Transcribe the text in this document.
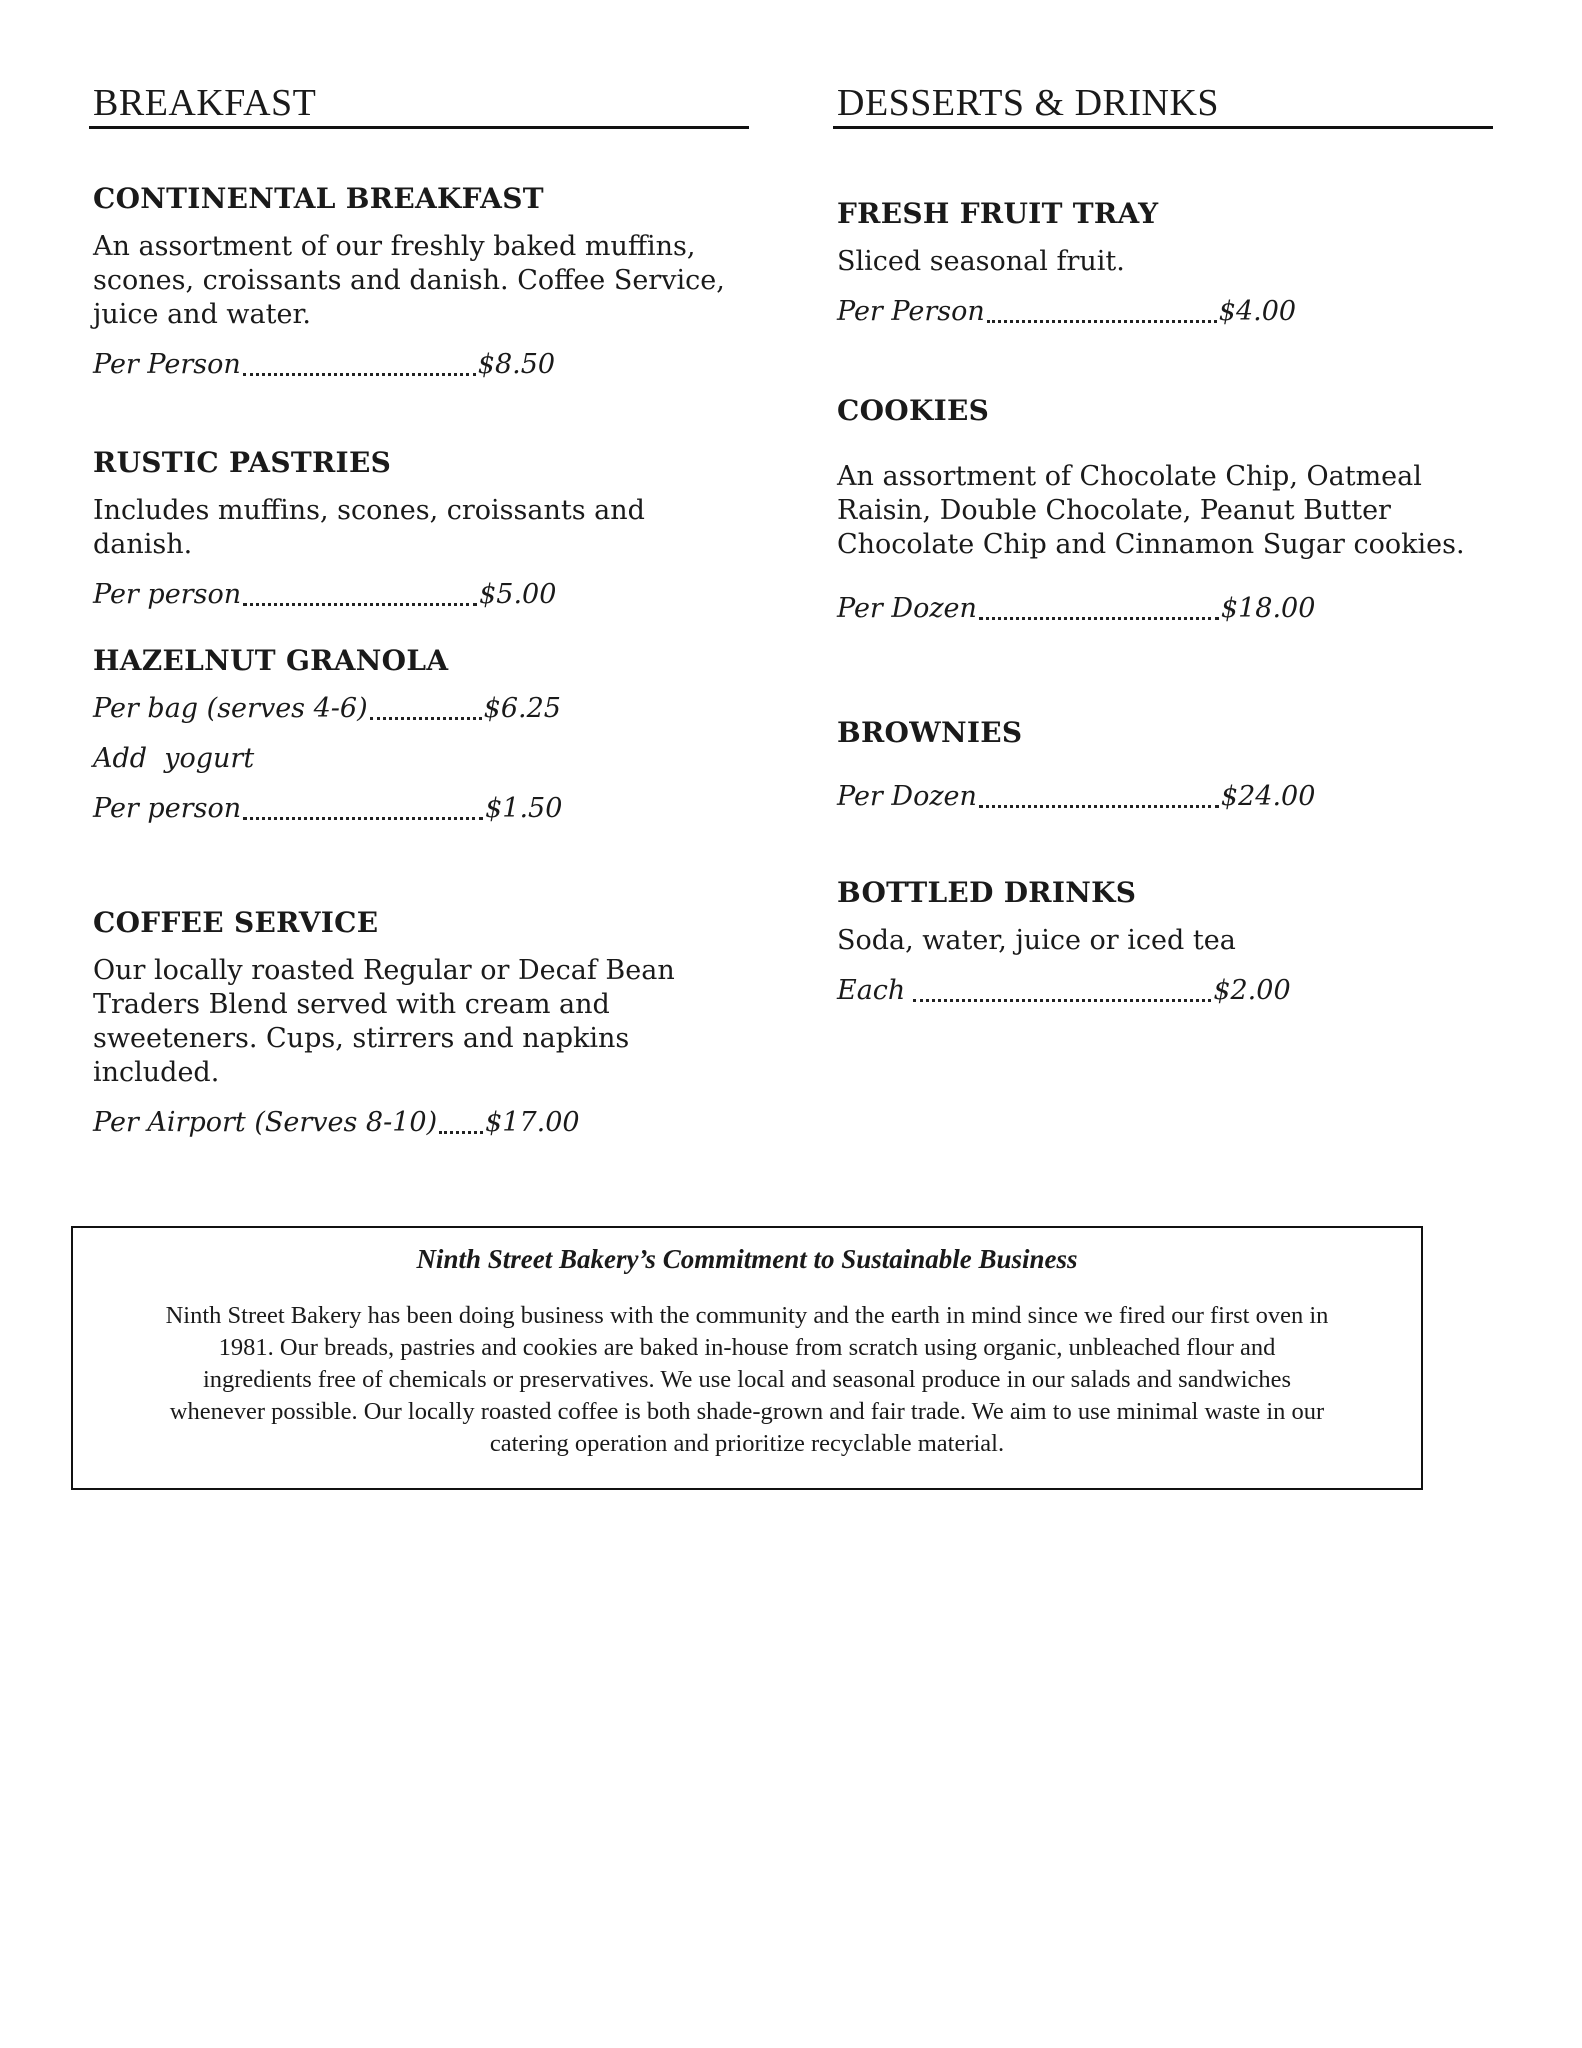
BREAKFAST

CONTINENTAL BREAKFAST

An assortment of our freshly baked muffins,

scones, croissants and danish. Coffee Service,

juice and water.

Per Person	$8.50

RUSTIC PASTRIES

Includes muffins, scones, croissants and danish.

Per person	$5.00

HAZELNUT GRANOLA

Per bag (serves 4-6)	$6.25
Add  yogurt
Per person	$1.50

COFFEE SERVICE

Our locally roasted Regular or Decaf Bean

Traders Blend served with cream and

sweeteners. Cups, stirrers and napkins included.

Per Airport (Serves 8-10) $17.00
DESSERTS & DRINKS

FRESH FRUIT TRAY

Sliced seasonal fruit.

Per Person	$4.00

COOKIES

An assortment of Chocolate Chip, Oatmeal

Raisin, Double Chocolate, Peanut Butter

Chocolate Chip and Cinnamon Sugar cookies.

Per Dozen	$18.00

BROWNIES

Per Dozen	$24.00

BOTTLED DRINKS

Soda, water, juice or iced tea

Each	$2.00

Ninth Street Bakery’s Commitment to Sustainable Business

Ninth Street Bakery has been doing business with the community and the earth in mind since we fired our first oven in
1981. Our breads, pastries and cookies are baked in-house from scratch using organic, unbleached flour and
ingredients free of chemicals or preservatives. We use local and seasonal produce in our salads and sandwiches
whenever possible. Our locally roasted coffee is both shade-grown and fair trade. We aim to use minimal waste in our
catering operation and prioritize recyclable material.
